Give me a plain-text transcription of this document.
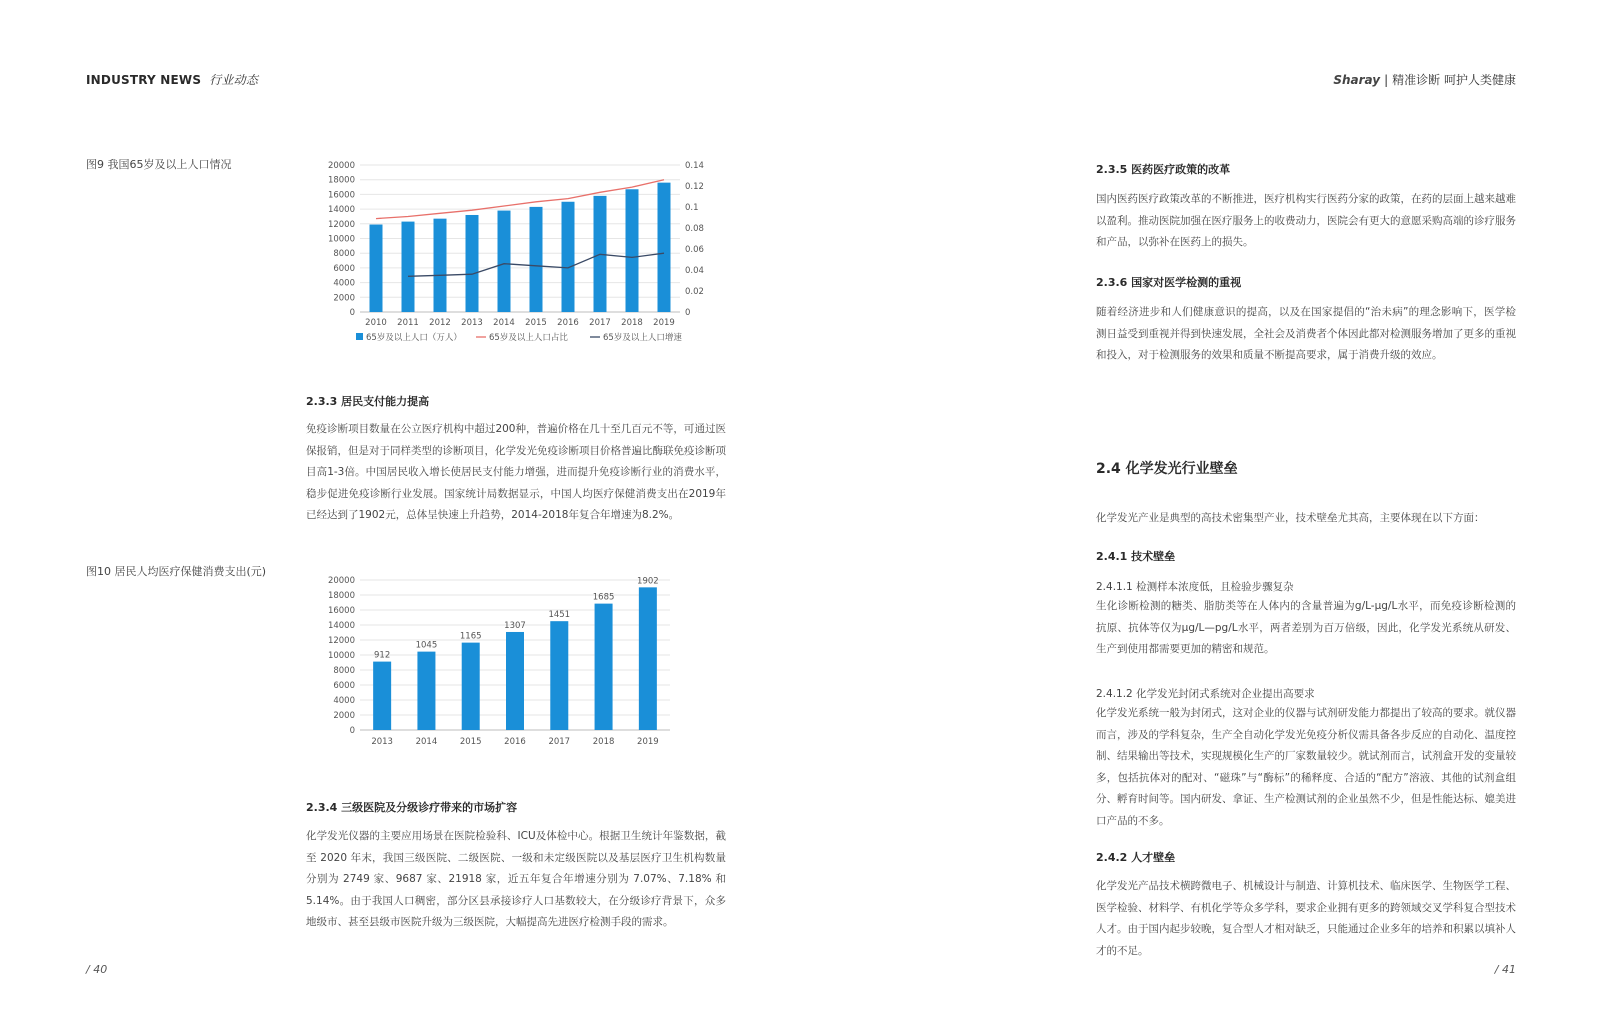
INDUSTRY NEWS 行业动态	Sharay | 精准诊断 呵护人类健康
图9 我国65岁及以上人口情况
0
2000
4000
6000
8000
10000
12000
14000
16000
18000
20000
0
0.02
0.04
0.06
0.08
0.1
0.12
0.14
2010 2011 2012 2013 2014 2015 2016 2017 2018 2019
65岁及以上人口（万人）	65岁及以上人口占比	65岁及以上人口增速
2.3.3 居民支付能力提高
免疫诊断项目数量在公立医疗机构中超过200种，普遍价格在几十至几百元不等，可通过医保报销，但是对于同样类型的诊断项目，化学发光免疫诊断项目价格普遍比酶联免疫诊断项目高1-3倍。中国居民收入增长使居民支付能力增强，进而提升免疫诊断行业的消费水平，稳步促进免疫诊断行业发展。国家统计局数据显示，中国人均医疗保健消费支出在2019年已经达到了1902元，总体呈快速上升趋势，2014-2018年复合年增速为8.2%。
图10 居民人均医疗保健消费支出(元)
0
2000
4000
6000
8000
10000
12000
14000
16000
18000
20000
2013	2014	2015	2016	2017	2018	2019
912
1045
1165
1307
1451
1685
1902
2.3.4 三级医院及分级诊疗带来的市场扩容
化学发光仪器的主要应用场景在医院检验科、ICU及体检中心。根据卫生统计年鉴数据，截至 2020 年末，我国三级医院、二级医院、一级和未定级医院以及基层医疗卫生机构数量分别为 2749 家、9687 家、21918 家，近五年复合年增速分别为 7.07%、7.18% 和 5.14%。由于我国人口稠密，部分区县承接诊疗人口基数较大，在分级诊疗背景下，众多地级市、甚至县级市医院升级为三级医院，大幅提高先进医疗检测手段的需求。
/ 40
2.3.5 医药医疗政策的改革
国内医药医疗政策改革的不断推进，医疗机构实行医药分家的政策，在药的层面上越来越难以盈利。推动医院加强在医疗服务上的收费动力，医院会有更大的意愿采购高端的诊疗服务和产品，以弥补在医药上的损失。
2.3.6 国家对医学检测的重视
随着经济进步和人们健康意识的提高，以及在国家提倡的“治未病”的理念影响下，医学检测日益受到重视并得到快速发展，全社会及消费者个体因此都对检测服务增加了更多的重视和投入，对于检测服务的效果和质量不断提高要求，属于消费升级的效应。
2.4 化学发光行业壁垒
化学发光产业是典型的高技术密集型产业，技术壁垒尤其高，主要体现在以下方面：
2.4.1 技术壁垒
2.4.1.1 检测样本浓度低，且检验步骤复杂
生化诊断检测的糖类、脂肪类等在人体内的含量普遍为g/L-μg/L水平，而免疫诊断检测的抗原、抗体等仅为μg/L—pg/L水平，两者差别为百万倍级，因此，化学发光系统从研发、生产到使用都需要更加的精密和规范。
2.4.1.2 化学发光封闭式系统对企业提出高要求
化学发光系统一般为封闭式，这对企业的仪器与试剂研发能力都提出了较高的要求。就仪器而言，涉及的学科复杂，生产全自动化学发光免疫分析仪需具备各步反应的自动化、温度控制、结果输出等技术，实现规模化生产的厂家数量较少。就试剂而言，试剂盒开发的变量较多，包括抗体对的配对、“磁珠”与“酶标”的稀释度、合适的“配方”溶液、其他的试剂盒组分、孵育时间等。国内研发、拿证、生产检测试剂的企业虽然不少，但是性能达标、媲美进口产品的不多。
2.4.2 人才壁垒
化学发光产品技术横跨微电子、机械设计与制造、计算机技术、临床医学、生物医学工程、医学检验、材料学、有机化学等众多学科，要求企业拥有更多的跨领域交叉学科复合型技术人才。由于国内起步较晚，复合型人才相对缺乏，只能通过企业多年的培养和积累以填补人才的不足。
/ 41
